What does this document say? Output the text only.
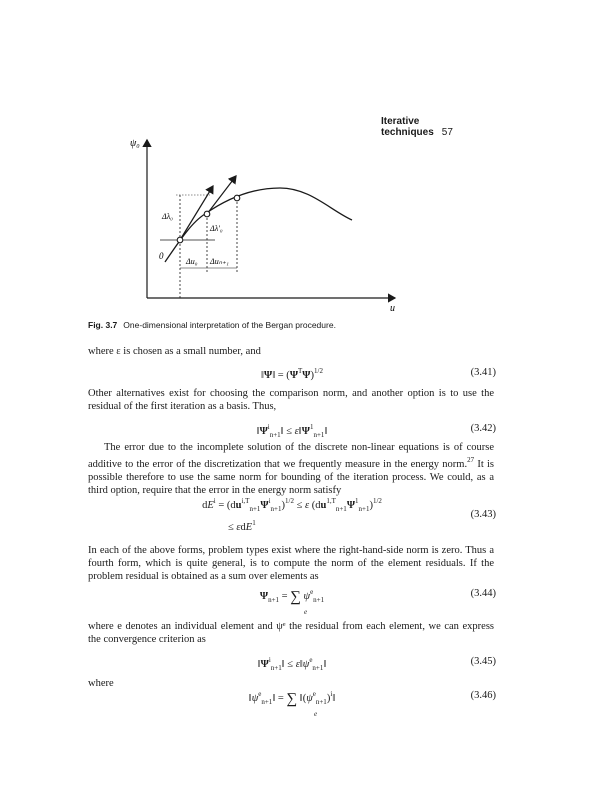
Iterative techniques 57
ψ₀
u
0
Δλ₀
Δλ'₀
Δu₀ Δuₙ₊₁
Fig. 3.7 One-dimensional interpretation of the Bergan procedure.
where ε is chosen as a small number, and
‖Ψ‖ = $(\Psi^T\Psi)^{1/2}$	(3.41)
Other alternatives exist for choosing the comparison norm, and another option is to use the residual of the first iteration as a basis. Thus,
$‖\Psi^i_{n+1}‖$ ≤ $\varepsilon‖\Psi^1_{n+1}‖$	(3.42)
The error due to the incomplete solution of the discrete non-linear equations is of course additive to the error of the discretization that we frequently measure in the energy norm.$^{27}$ It is possible therefore to use the same norm for bounding of the iteration process. We could, as a third option, require that the error in the energy norm satisfy
$dE^i = (du^{i,T}_{n+1}\Psi^i_{n+1})^{1/2} \le \varepsilon$ $(du^{1,T}_{n+1}\Psi^1_{n+1})^{1/2}$
≤ εdE$^1$
(3.43)
In each of the above forms, problem types exist where the right-hand-side norm is zero. Thus a fourth form, which is quite general, is to compute the norm of the element residuals. If the problem residual is obtained as a sum over elements as
$\Psi_{n+1}$ = ∑ $\psi^e_{n+1}$
e
(3.44)
where e denotes an individual element and ψᵉ the residual from each element, we can express the convergence criterion as
$‖\Psi^i_{n+1}‖$ ≤ $\varepsilon‖\psi^e_{n+1}‖$	(3.45)
where
$‖\psi^e_{n+1}‖$ = ∑ $‖(\psi^e_{n+1})^i‖$
e
(3.46)
